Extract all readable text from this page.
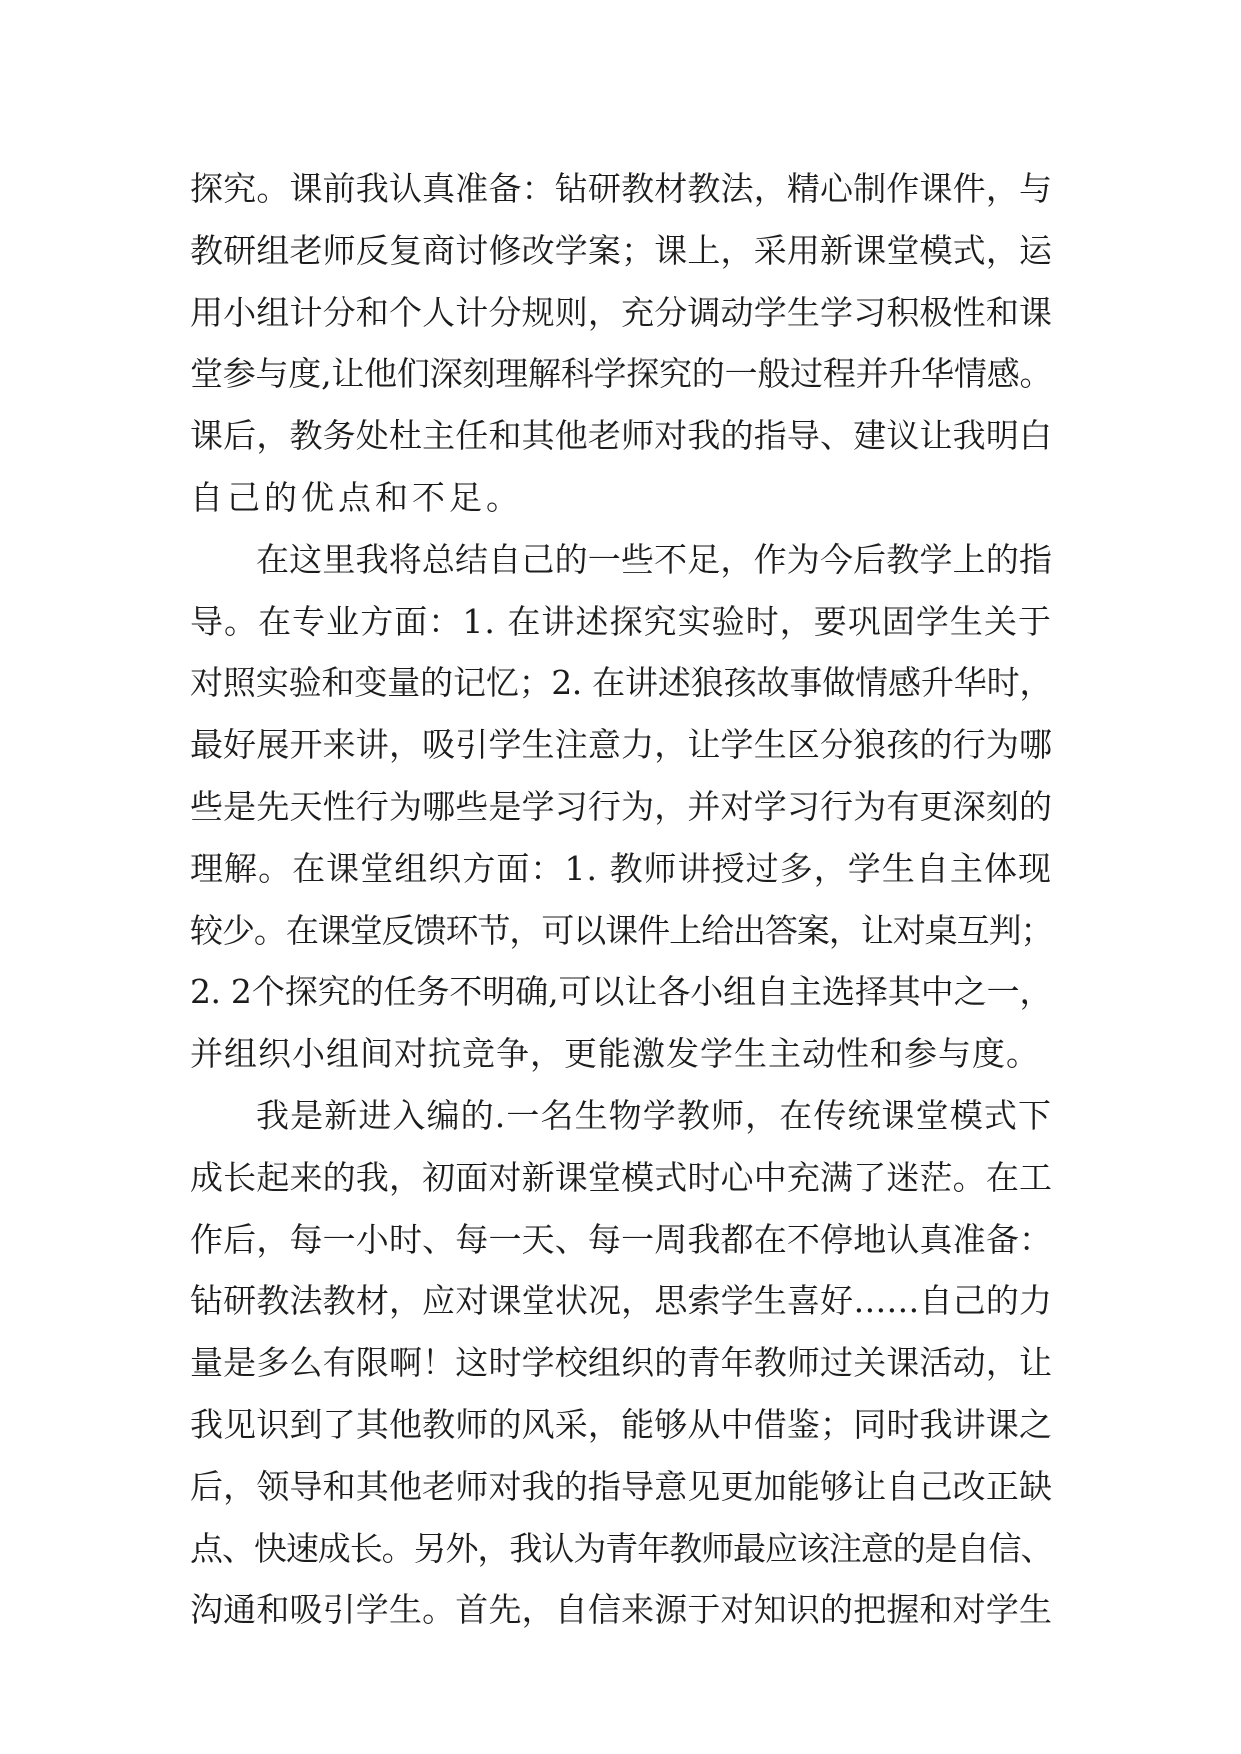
探究。课前我认真准备：钻研教材教法，精心制作课件，与
教研组老师反复商讨修改学案；课上，采用新课堂模式，运
用小组计分和个人计分规则，充分调动学生学习积极性和课
堂参与度,让他们深刻理解科学探究的一般过程并升华情感。
课后，教务处杜主任和其他老师对我的指导、建议让我明白
自己的优点和不足。
在这里我将总结自己的一些不足，作为今后教学上的指
导。在专业方面：1. 在讲述探究实验时，要巩固学生关于
对照实验和变量的记忆；2. 在讲述狼孩故事做情感升华时，
最好展开来讲，吸引学生注意力，让学生区分狼孩的行为哪
些是先天性行为哪些是学习行为，并对学习行为有更深刻的
理解。在课堂组织方面：1. 教师讲授过多，学生自主体现
较少。在课堂反馈环节，可以课件上给出答案，让对桌互判；
2. 2个探究的任务不明确,可以让各小组自主选择其中之一，
并组织小组间对抗竞争，更能激发学生主动性和参与度。
我是新进入编的.一名生物学教师，在传统课堂模式下
成长起来的我，初面对新课堂模式时心中充满了迷茫。在工
作后，每一小时、每一天、每一周我都在不停地认真准备：
钻研教法教材，应对课堂状况，思索学生喜好……自己的力
量是多么有限啊！这时学校组织的青年教师过关课活动，让
我见识到了其他教师的风采，能够从中借鉴；同时我讲课之
后，领导和其他老师对我的指导意见更加能够让自己改正缺
点、快速成长。另外，我认为青年教师最应该注意的是自信、
沟通和吸引学生。首先，自信来源于对知识的把握和对学生
